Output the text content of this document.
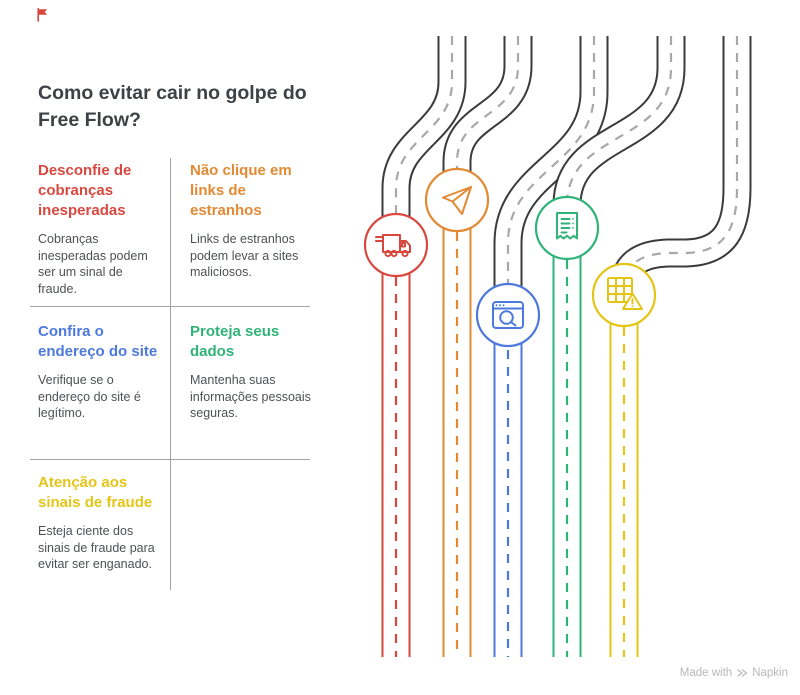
Como evitar cair no golpe do Free Flow?
Desconfie de cobranças inesperadas

Cobranças inesperadas podem ser um sinal de fraude.

Não clique em links de estranhos

Links de estranhos podem levar a sites maliciosos.

Confira o endereço do site

Verifique se o endereço do site é legítimo.

Proteja seus dados

Mantenha suas informações pessoais seguras.

Atenção aos sinais de fraude

Esteja ciente dos sinais de fraude para evitar ser enganado.

Made with Napkin
